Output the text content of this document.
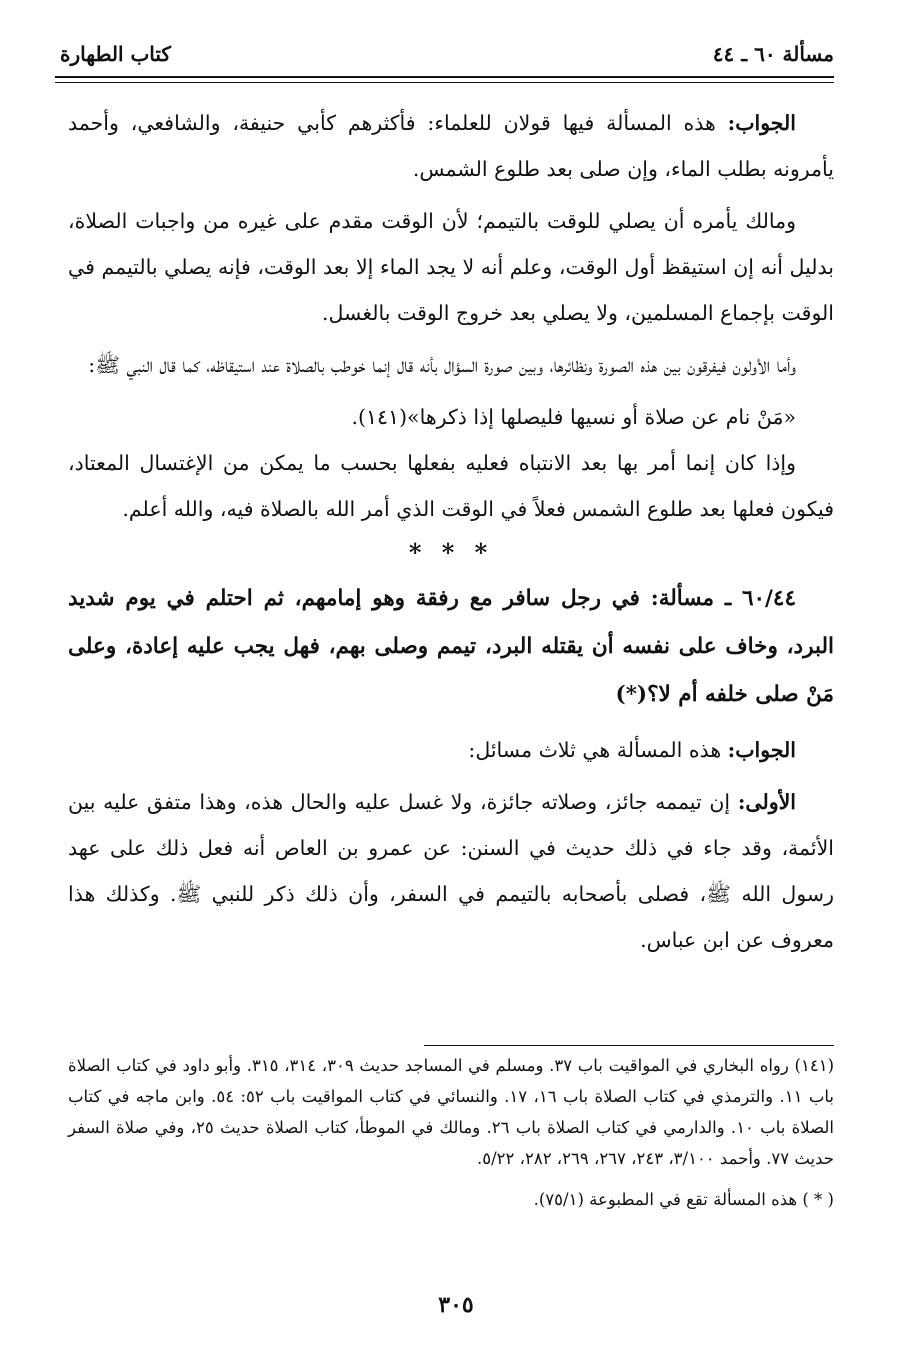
مسألة ٦٠ ـ ٤٤
كتاب الطهارة

الجواب: هذه المسألة فيها قولان للعلماء: فأكثرهم كأبي حنيفة، والشافعي، وأحمد يأمرونه بطلب الماء، وإن صلى بعد طلوع الشمس.

ومالك يأمره أن يصلي للوقت بالتيمم؛ لأن الوقت مقدم على غيره من واجبات الصلاة، بدليل أنه إن استيقظ أول الوقت، وعلم أنه لا يجد الماء إلا بعد الوقت، فإنه يصلي بالتيمم في الوقت بإجماع المسلمين، ولا يصلي بعد خروج الوقت بالغسل.

وأما الأولون فيفرقون بين هذه الصورة ونظائرها، وبين صورة السؤال بأنه قال إنما خوطب بالصلاة عند استيقاظه، كما قال النبي ﷺ:

«مَنْ نام عن صلاة أو نسيها فليصلها إذا ذكرها»(١٤١).

وإذا كان إنما أمر بها بعد الانتباه فعليه بفعلها بحسب ما يمكن من الإغتسال المعتاد، فيكون فعلها بعد طلوع الشمس فعلاً في الوقت الذي أمر الله بالصلاة فيه، والله أعلم.

* * *

٦٠/٤٤ ـ مسألة: في رجل سافر مع رفقة وهو إمامهم، ثم احتلم في يوم شديد البرد، وخاف على نفسه أن يقتله البرد، تيمم وصلى بهم، فهل يجب عليه إعادة، وعلى مَنْ صلى خلفه أم لا؟(*)

الجواب: هذه المسألة هي ثلاث مسائل:

الأولى: إن تيممه جائز، وصلاته جائزة، ولا غسل عليه والحال هذه، وهذا متفق عليه بين الأئمة، وقد جاء في ذلك حديث في السنن: عن عمرو بن العاص أنه فعل ذلك على عهد رسول الله ﷺ، فصلى بأصحابه بالتيمم في السفر، وأن ذلك ذكر للنبي ﷺ. وكذلك هذا معروف عن ابن عباس.

(١٤١) رواه البخاري في المواقيت باب ٣٧. ومسلم في المساجد حديث ٣٠٩، ٣١٤، ٣١٥. وأبو داود في كتاب الصلاة باب ١١. والترمذي في كتاب الصلاة باب ١٦، ١٧. والنسائي في كتاب المواقيت باب ٥٢: ٥٤. وابن ماجه في كتاب الصلاة باب ١٠. والدارمي في كتاب الصلاة باب ٢٦. ومالك في الموطأ، كتاب الصلاة حديث ٢٥، وفي صلاة السفر حديث ٧٧. وأحمد ٣/١٠٠، ٢٤٣، ٢٦٧، ٢٦٩، ٢٨٢، ٥/٢٢.

( * ) هذه المسألة تقع في المطبوعة (٧٥/١).

٣٠٥
